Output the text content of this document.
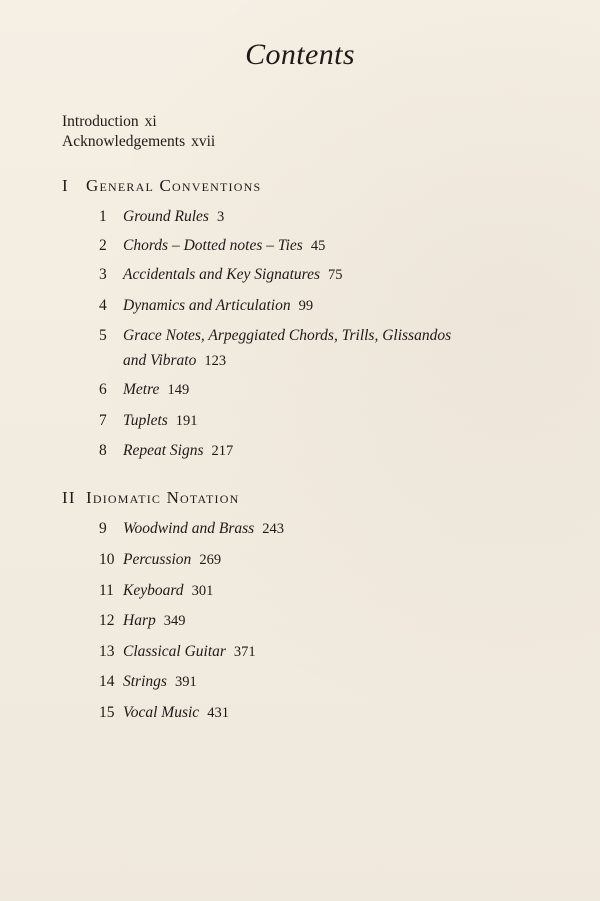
Contents
Introduction xi
Acknowledgements xvii
I General Conventions
1 Ground Rules 3
2 Chords – Dotted notes – Ties 45
3 Accidentals and Key Signatures 75
4 Dynamics and Articulation 99
5 Grace Notes, Arpeggiated Chords, Trills, Glissandos
and Vibrato 123
6 Metre 149
7 Tuplets 191
8 Repeat Signs 217
II Idiomatic Notation
9 Woodwind and Brass 243
10 Percussion 269
11 Keyboard 301
12 Harp 349
13 Classical Guitar 371
14 Strings 391
15 Vocal Music 431
